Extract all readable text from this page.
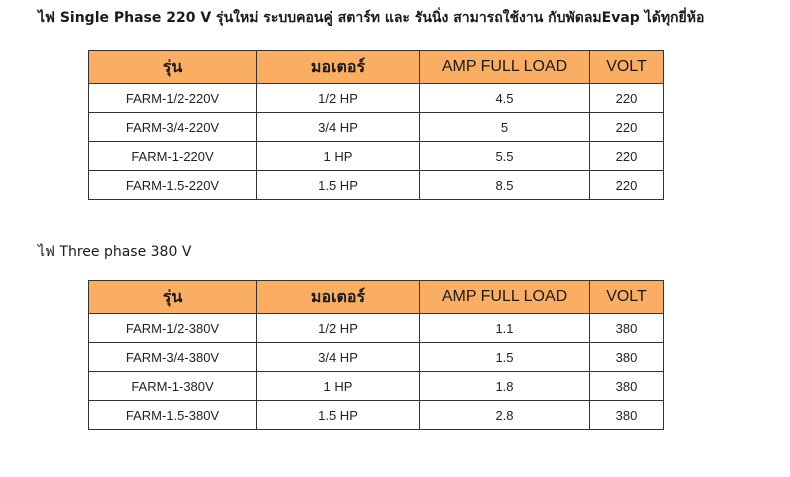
ไฟ Single Phase 220 V รุ่นใหม่ ระบบคอนคู่ สตาร์ท และ รันนิ่ง สามารถใช้งาน กับพัดลมEvap ได้ทุกยี่ห้อ
รุ่น	มอเตอร์	AMP FULL LOAD	VOLT
FARM-1/2-220V	1/2 HP	4.5	220
FARM-3/4-220V	3/4 HP	5	220
FARM-1-220V	1 HP	5.5	220
FARM-1.5-220V	1.5 HP	8.5	220
ไฟ Three phase 380 V
รุ่น	มอเตอร์	AMP FULL LOAD	VOLT
FARM-1/2-380V	1/2 HP	1.1	380
FARM-3/4-380V	3/4 HP	1.5	380
FARM-1-380V	1 HP	1.8	380
FARM-1.5-380V	1.5 HP	2.8	380
